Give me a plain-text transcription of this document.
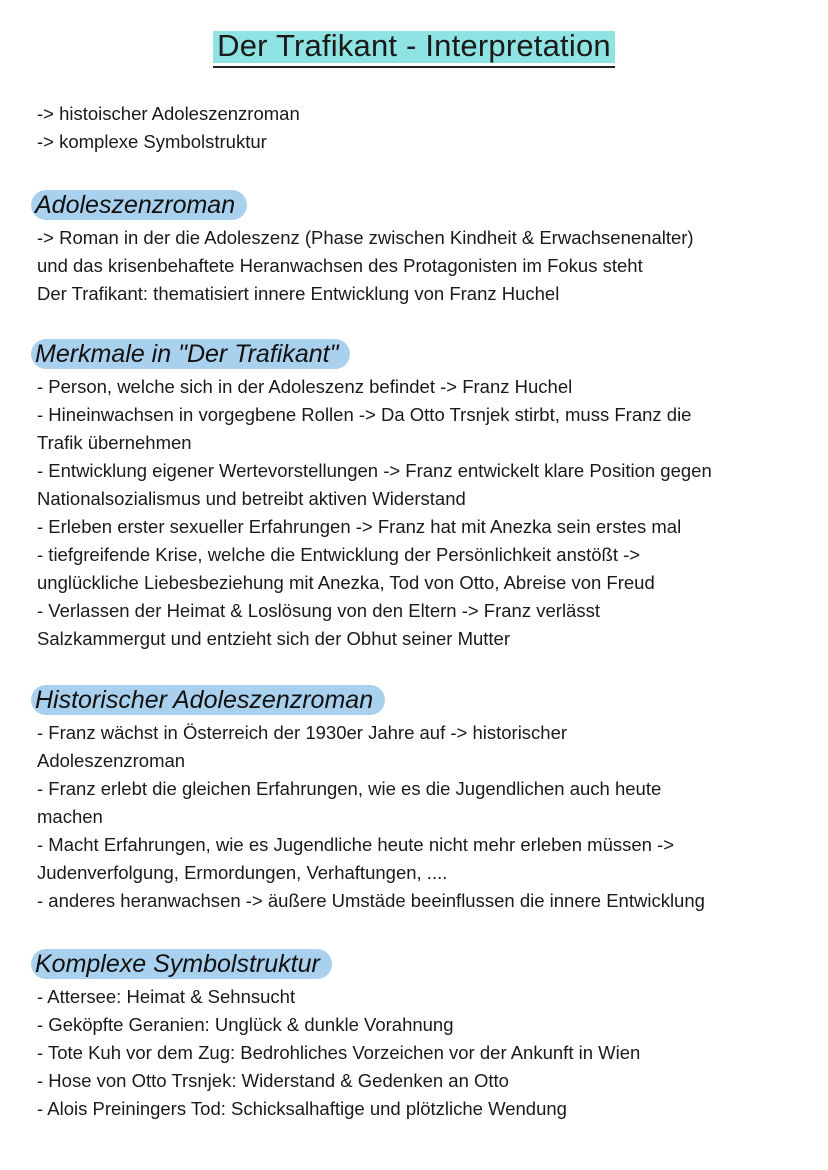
Der Trafikant - Interpretation
-> histoischer Adoleszenzroman
-> komplexe Symbolstruktur
Adoleszenzroman
-> Roman in der die Adoleszenz (Phase zwischen Kindheit & Erwachsenenalter)
und das krisenbehaftete Heranwachsen des Protagonisten im Fokus steht
Der Trafikant: thematisiert innere Entwicklung von Franz Huchel
Merkmale in "Der Trafikant"
- Person, welche sich in der Adoleszenz befindet -> Franz Huchel
- Hineinwachsen in vorgegbene Rollen -> Da Otto Trsnjek stirbt, muss Franz die
Trafik übernehmen
- Entwicklung eigener Wertevorstellungen -> Franz entwickelt klare Position gegen
Nationalsozialismus und betreibt aktiven Widerstand
- Erleben erster sexueller Erfahrungen -> Franz hat mit Anezka sein erstes mal
- tiefgreifende Krise, welche die Entwicklung der Persönlichkeit anstößt ->
unglückliche Liebesbeziehung mit Anezka, Tod von Otto, Abreise von Freud
- Verlassen der Heimat & Loslösung von den Eltern -> Franz verlässt
Salzkammergut und entzieht sich der Obhut seiner Mutter
Historischer Adoleszenzroman
- Franz wächst in Österreich der 1930er Jahre auf -> historischer
Adoleszenzroman
- Franz erlebt die gleichen Erfahrungen, wie es die Jugendlichen auch heute
machen
- Macht Erfahrungen, wie es Jugendliche heute nicht mehr erleben müssen ->
Judenverfolgung, Ermordungen, Verhaftungen, ....
- anderes heranwachsen -> äußere Umstäde beeinflussen die innere Entwicklung
Komplexe Symbolstruktur
- Attersee: Heimat & Sehnsucht
- Geköpfte Geranien: Unglück & dunkle Vorahnung
- Tote Kuh vor dem Zug: Bedrohliches Vorzeichen vor der Ankunft in Wien
- Hose von Otto Trsnjek: Widerstand & Gedenken an Otto
- Alois Preiningers Tod: Schicksalhaftige und plötzliche Wendung
